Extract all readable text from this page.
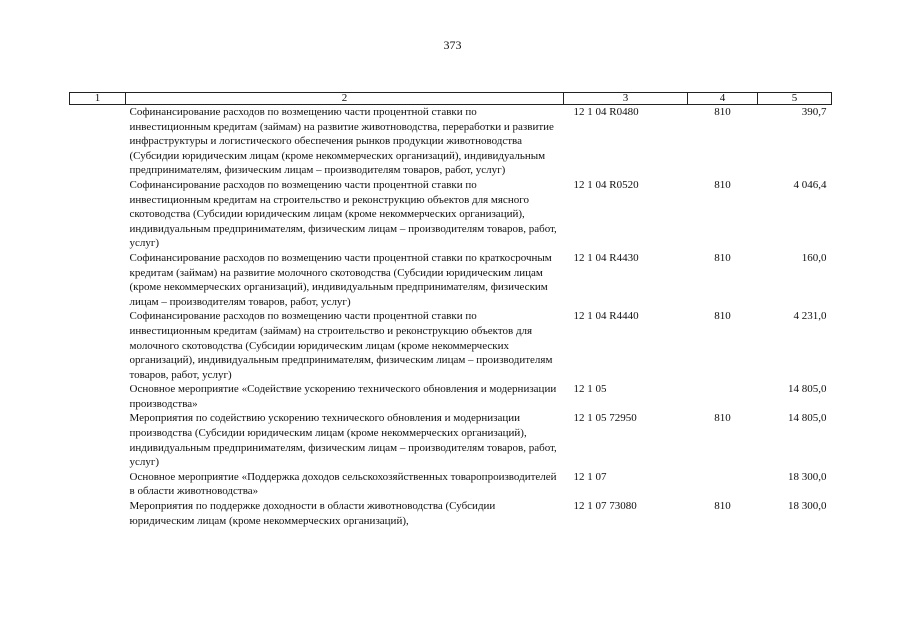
373
1	2	3	4	5
	Софинансирование расходов по возмещению части процентной ставки по инвестиционным кредитам (займам) на развитие животноводства, переработки и развитие инфраструктуры и логистического обеспечения рынков продукции животноводства (Субсидии юридическим лицам (кроме некоммерческих организаций), индивидуальным предпринимателям, физическим лицам – производителям товаров, работ, услуг)	12 1 04 R0480	810	390,7
	Софинансирование расходов по возмещению части процентной ставки по инвестиционным кредитам на строительство и реконструкцию объектов для мясного скотоводства (Субсидии юридическим лицам (кроме некоммерческих организаций), индивидуальным предпринимателям, физическим лицам – производителям товаров, работ, услуг)	12 1 04 R0520	810	4 046,4
	Софинансирование расходов по возмещению части процентной ставки по краткосрочным кредитам (займам) на развитие молочного скотоводства (Субсидии юридическим лицам (кроме некоммерческих организаций), индивидуальным предпринимателям, физическим лицам – производителям товаров, работ, услуг)	12 1 04 R4430	810	160,0
	Софинансирование расходов по возмещению части процентной ставки по инвестиционным кредитам (займам) на строительство и реконструкцию объектов для молочного скотоводства (Субсидии юридическим лицам (кроме некоммерческих организаций), индивидуальным предпринимателям, физическим лицам – производителям товаров, работ, услуг)	12 1 04 R4440	810	4 231,0
	Основное мероприятие «Содействие ускорению технического обновления и модернизации производства»	12 1 05		14 805,0
	Мероприятия по содействию ускорению технического обновления и модернизации производства (Субсидии юридическим лицам (кроме некоммерческих организаций), индивидуальным предпринимателям, физическим лицам – производителям товаров, работ, услуг)	12 1 05 72950	810	14 805,0
	Основное мероприятие «Поддержка доходов сельскохозяйственных товаропроизводителей в области животноводства»	12 1 07		18 300,0
	Мероприятия по поддержке доходности в области животноводства (Субсидии юридическим лицам (кроме некоммерческих организаций),	12 1 07 73080	810	18 300,0
